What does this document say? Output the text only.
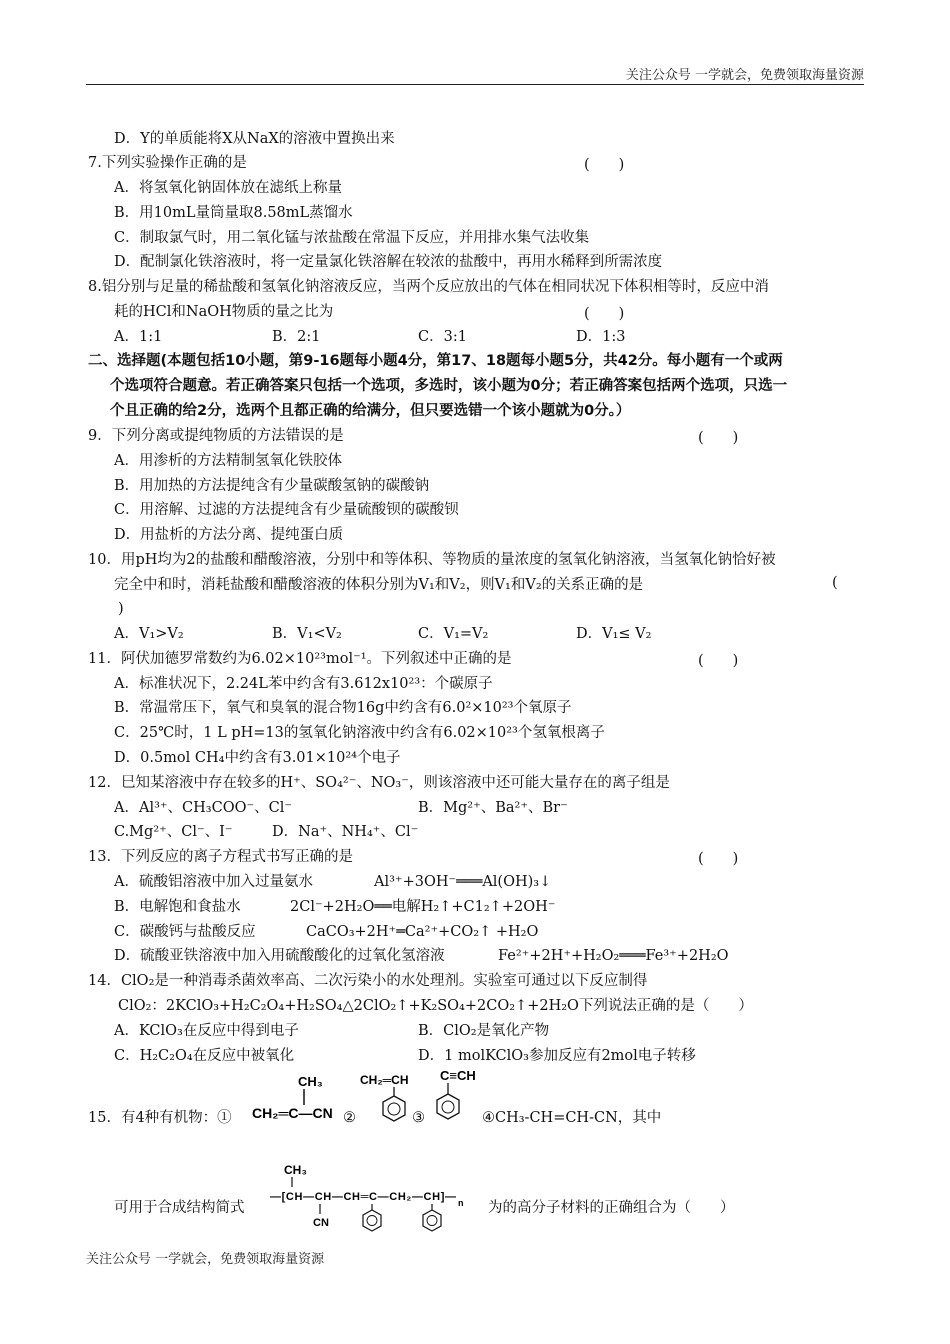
关注公众号 一学就会，免费领取海量资源
D．Y的单质能将X从NaX的溶液中置换出来
7.下列实验操作正确的是	(　　)
A．将氢氧化钠固体放在滤纸上称量
B．用10mL量筒量取8.58mL蒸馏水
C．制取氯气时，用二氧化锰与浓盐酸在常温下反应，并用排水集气法收集
D．配制氯化铁溶液时，将一定量氯化铁溶解在较浓的盐酸中，再用水稀释到所需浓度
8.铝分别与足量的稀盐酸和氢氧化钠溶液反应，当两个反应放出的气体在相同状况下体积相等时，反应中消
耗的HCl和NaOH物质的量之比为	(　　)
A．1:1	B．2:1	C．3:1	D．1:3
二、选择题(本题包括10小题，第9-16题每小题4分，第17、18题每小题5分，共42分。每小题有一个或两
个选项符合题意。若正确答案只包括一个选项，多选时，该小题为0分；若正确答案包括两个选项，只选一
个且正确的给2分，选两个且都正确的给满分，但只要选错一个该小题就为0分。）
9．下列分离或提纯物质的方法错误的是	(　　)
A．用渗析的方法精制氢氧化铁胶体
B．用加热的方法提纯含有少量碳酸氢钠的碳酸钠
C．用溶解、过滤的方法提纯含有少量硫酸钡的碳酸钡
D．用盐析的方法分离、提纯蛋白质
10．用pH均为2的盐酸和醋酸溶液，分别中和等体积、等物质的量浓度的氢氧化钠溶液，当氢氧化钠恰好被
完全中和时，消耗盐酸和醋酸溶液的体积分别为V₁和V₂，则V₁和V₂的关系正确的是	(
)
A．V₁>V₂	B．V₁<V₂	C．V₁=V₂	D．V₁≤ V₂
11．阿伏加德罗常数约为6.02×10²³mol⁻¹。下列叙述中正确的是	(　　)
A．标准状况下，2.24L苯中约含有3.612x10²³：个碳原子
B．常温常压下，氧气和臭氧的混合物16g中约含有6.0²×10²³个氧原子
C．25℃时，1 L pH=13的氢氧化钠溶液中约含有6.02×10²³个氢氧根离子
D．0.5mol CH₄中约含有3.01×10²⁴个电子
12．巳知某溶液中存在较多的H⁺、SO₄²⁻、NO₃⁻，则该溶液中还可能大量存在的离子组是
A．Al³⁺、CH₃COO⁻、Cl⁻	B．Mg²⁺、Ba²⁺、Br⁻
C.Mg²⁺、Cl⁻、I⁻	D．Na⁺、NH₄⁺、Cl⁻
13．下列反应的离子方程式书写正确的是	(　　)
A．硫酸铝溶液中加入过量氨水	Al³⁺+3OH⁻═══Al(OH)₃↓
B．电解饱和食盐水	2Cl⁻+2H₂O══电解H₂↑+C1₂↑+2OH⁻
C．碳酸钙与盐酸反应	CaCO₃+2H⁺═Ca²⁺+CO₂↑ +H₂O
D．硫酸亚铁溶液中加入用硫酸酸化的过氧化氢溶液	Fe²⁺+2H⁺+H₂O₂═══Fe³⁺+2H₂O
14．ClO₂是一种消毒杀菌效率高、二次污染小的水处理剂。实验室可通过以下反应制得
ClO₂：2KClO₃+H₂C₂O₄+H₂SO₄△2ClO₂↑+K₂SO₄+2CO₂↑+2H₂O下列说法正确的是（　　）
A．KClO₃在反应中得到电子	B．ClO₂是氧化产物
C．H₂C₂O₄在反应中被氧化	D．1 molKClO₃参加反应有2mol电子转移
15．有4种有机物：①
CH₃
CH₂═C—CN ②
CH₂═CH
③
C≡CH
④CH₃-CH=CH-CN，其中
可用于合成结构简式
CH₃
—[CH—CH—CH═C—CH₂—CH]— n
CN
为的高分子材料的正确组合为（　　）
关注公众号 一学就会，免费领取海量资源
